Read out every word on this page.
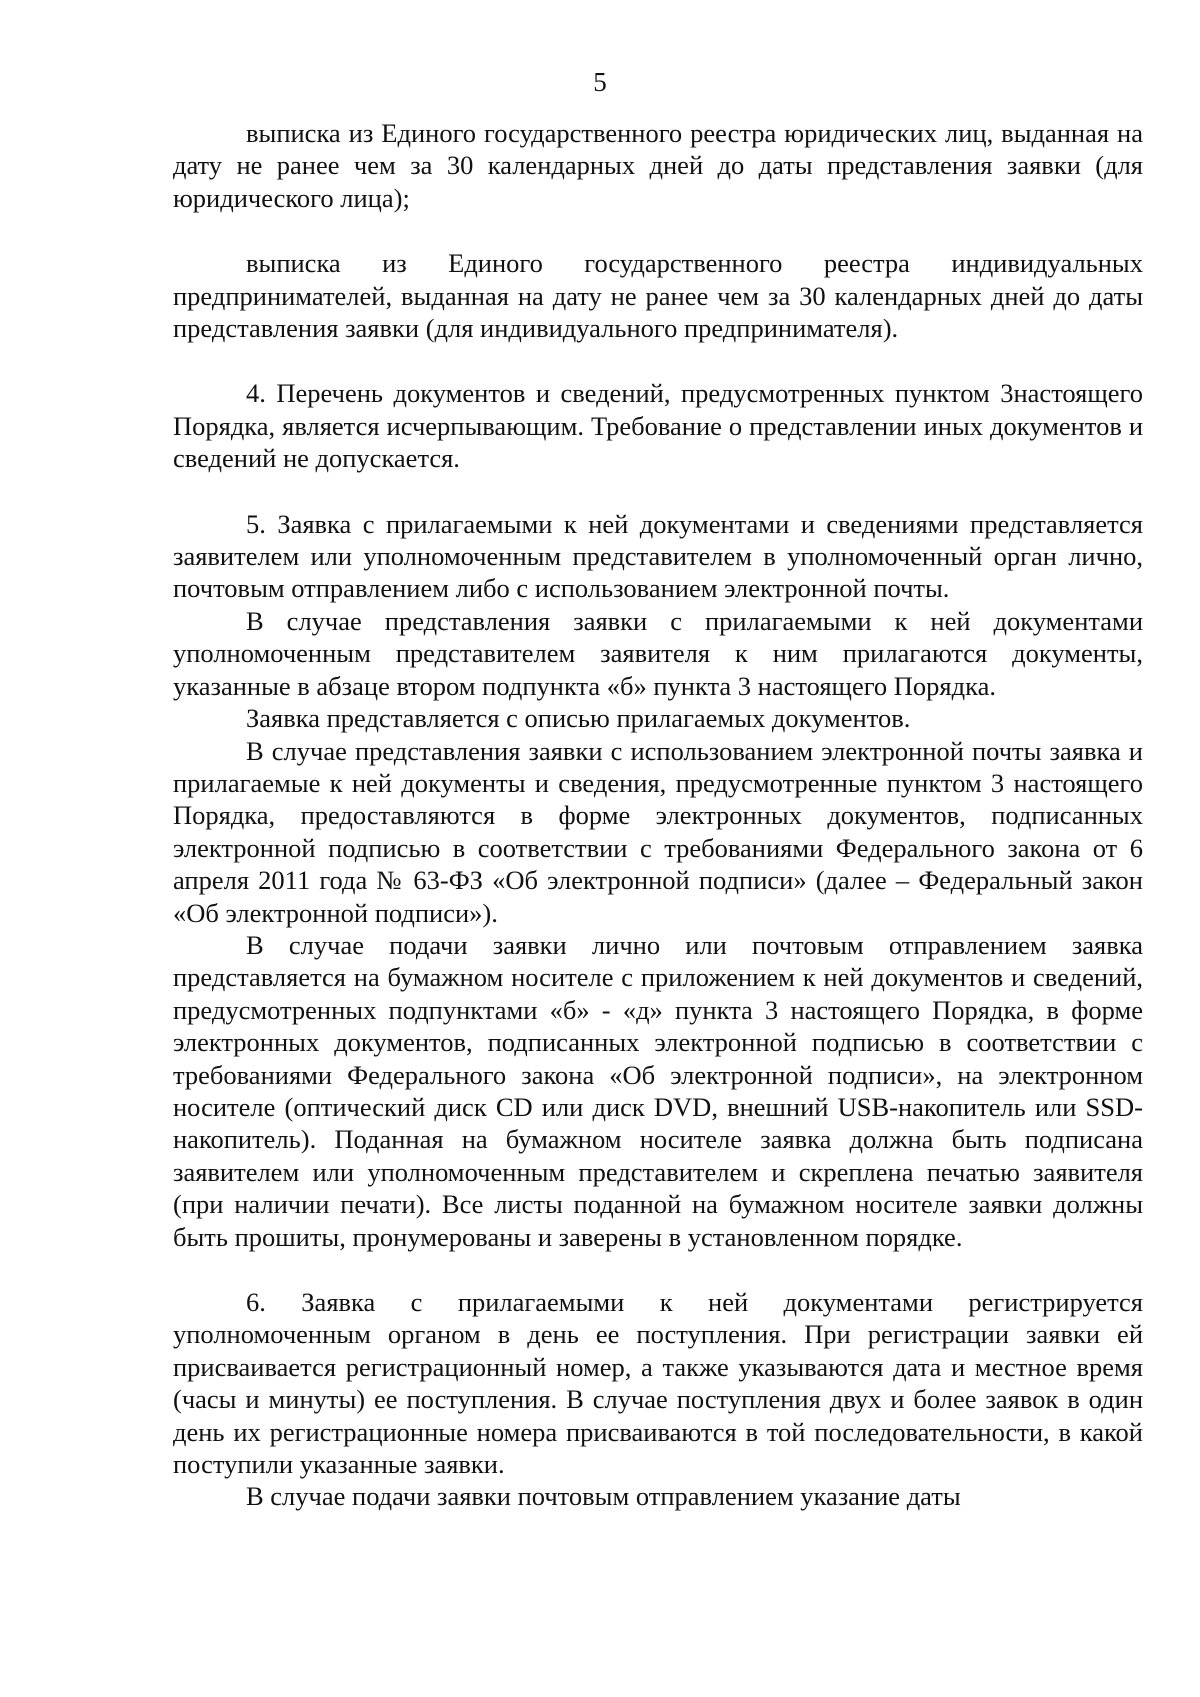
5

выписка из Единого государственного реестра юридических лиц, выданная на дату не ранее чем за 30 календарных дней до даты представления заявки (для юридического лица);

выписка из Единого государственного реестра индивидуальных предпринимателей, выданная на дату не ранее чем за 30 календарных дней до даты представления заявки (для индивидуального предпринимателя).

4. Перечень документов и сведений, предусмотренных пунктом 3настоящего Порядка, является исчерпывающим. Требование о представлении иных документов и сведений не допускается.

5. Заявка с прилагаемыми к ней документами и сведениями представляется заявителем или уполномоченным представителем в уполномоченный орган лично, почтовым отправлением либо с использованием электронной почты.

В случае представления заявки с прилагаемыми к ней документами уполномоченным представителем заявителя к ним прилагаются документы, указанные в абзаце втором подпункта «б» пункта 3 настоящего Порядка.

Заявка представляется с описью прилагаемых документов.

В случае представления заявки с использованием электронной почты заявка и прилагаемые к ней документы и сведения, предусмотренные пунктом 3 настоящего Порядка, предоставляются в форме электронных документов, подписанных электронной подписью в соответствии с требованиями Федерального закона от 6 апреля 2011 года № 63-ФЗ «Об электронной подписи» (далее – Федеральный закон «Об электронной подписи»).

В случае подачи заявки лично или почтовым отправлением заявка представляется на бумажном носителе с приложением к ней документов и сведений, предусмотренных подпунктами «б» - «д» пункта 3 настоящего Порядка, в форме электронных документов, подписанных электронной подписью в соответствии с требованиями Федерального закона «Об электронной подписи», на электронном носителе (оптический диск CD или диск DVD, внешний USB-накопитель или SSD-накопитель). Поданная на бумажном носителе заявка должна быть подписана заявителем или уполномоченным представителем и скреплена печатью заявителя (при наличии печати). Все листы поданной на бумажном носителе заявки должны быть прошиты, пронумерованы и заверены в установленном порядке.

6. Заявка с прилагаемыми к ней документами регистрируется уполномоченным органом в день ее поступления. При регистрации заявки ей присваивается регистрационный номер, а также указываются дата и местное время (часы и минуты) ее поступления. В случае поступления двух и более заявок в один день их регистрационные номера присваиваются в той последовательности, в какой поступили указанные заявки.

В случае подачи заявки почтовым отправлением указание даты
